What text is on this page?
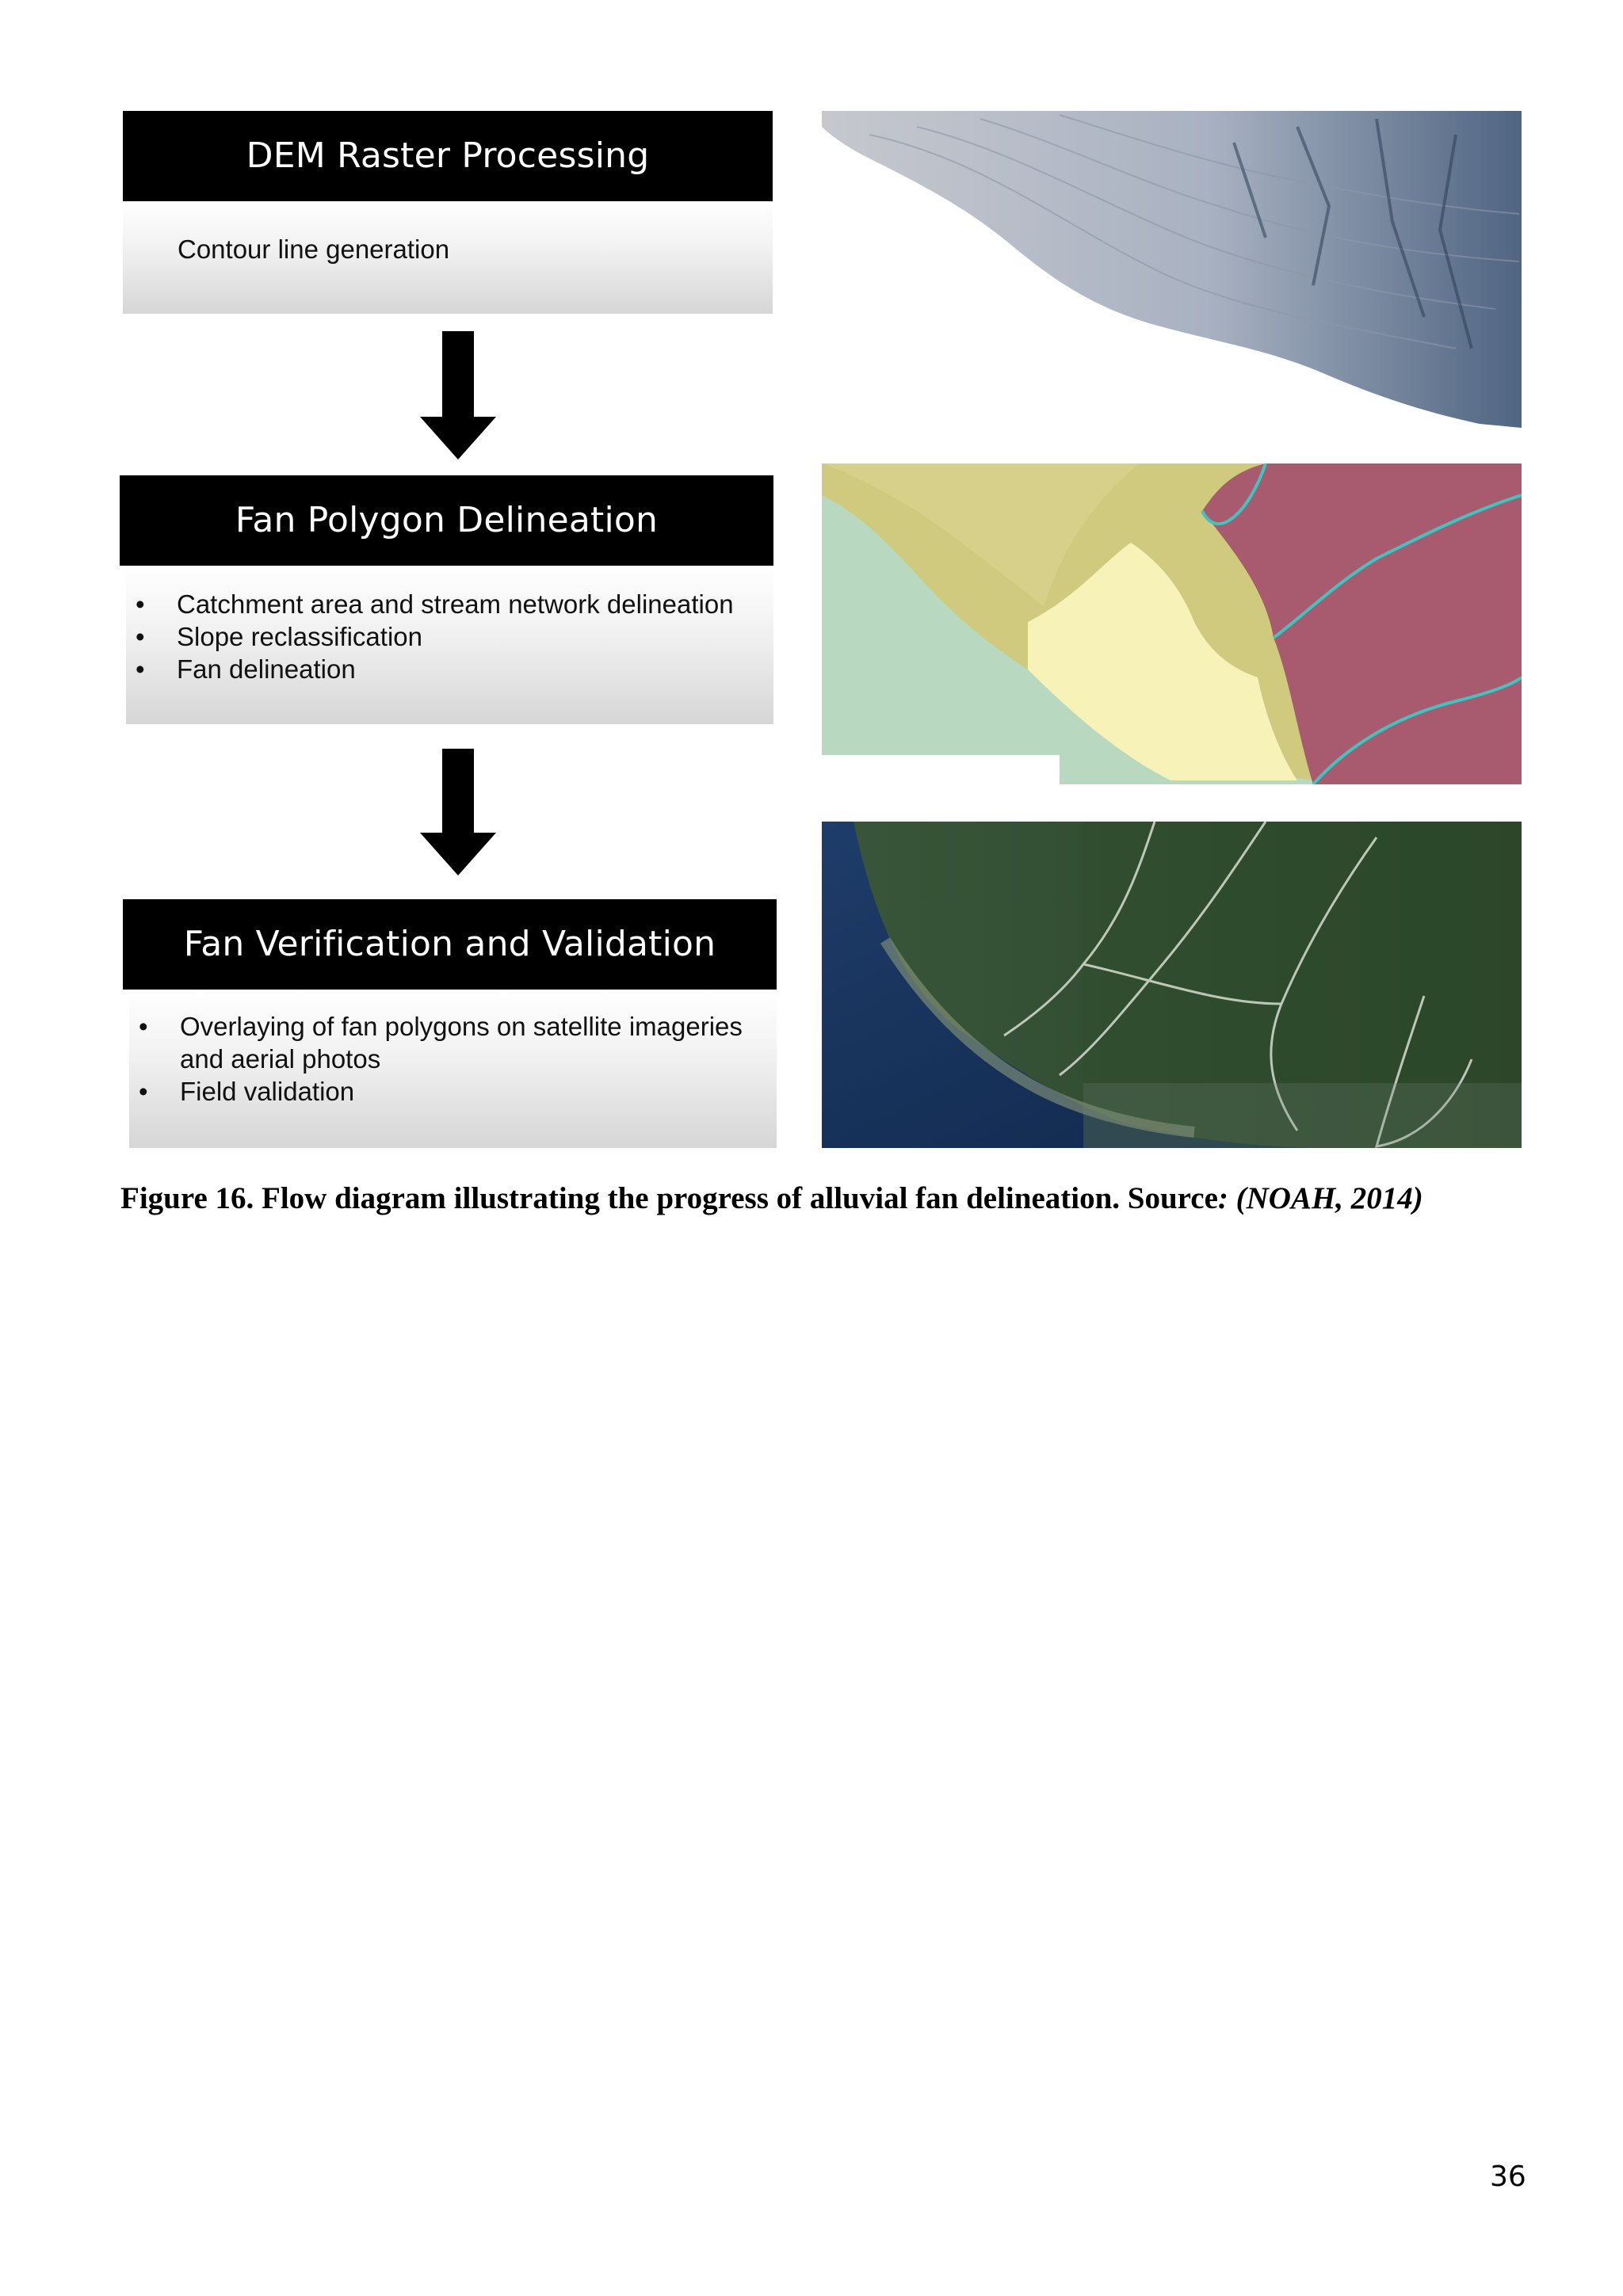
DEM Raster Processing
Contour line generation
Fan Polygon Delineation
• Catchment area and stream network delineation
• Slope reclassification
• Fan delineation
Fan Verification and Validation
• Overlaying of fan polygons on satellite imageries
and aerial photos
• Field validation
Figure 16. Flow diagram illustrating the progress of alluvial fan delineation. Source: (NOAH, 2014)
36
